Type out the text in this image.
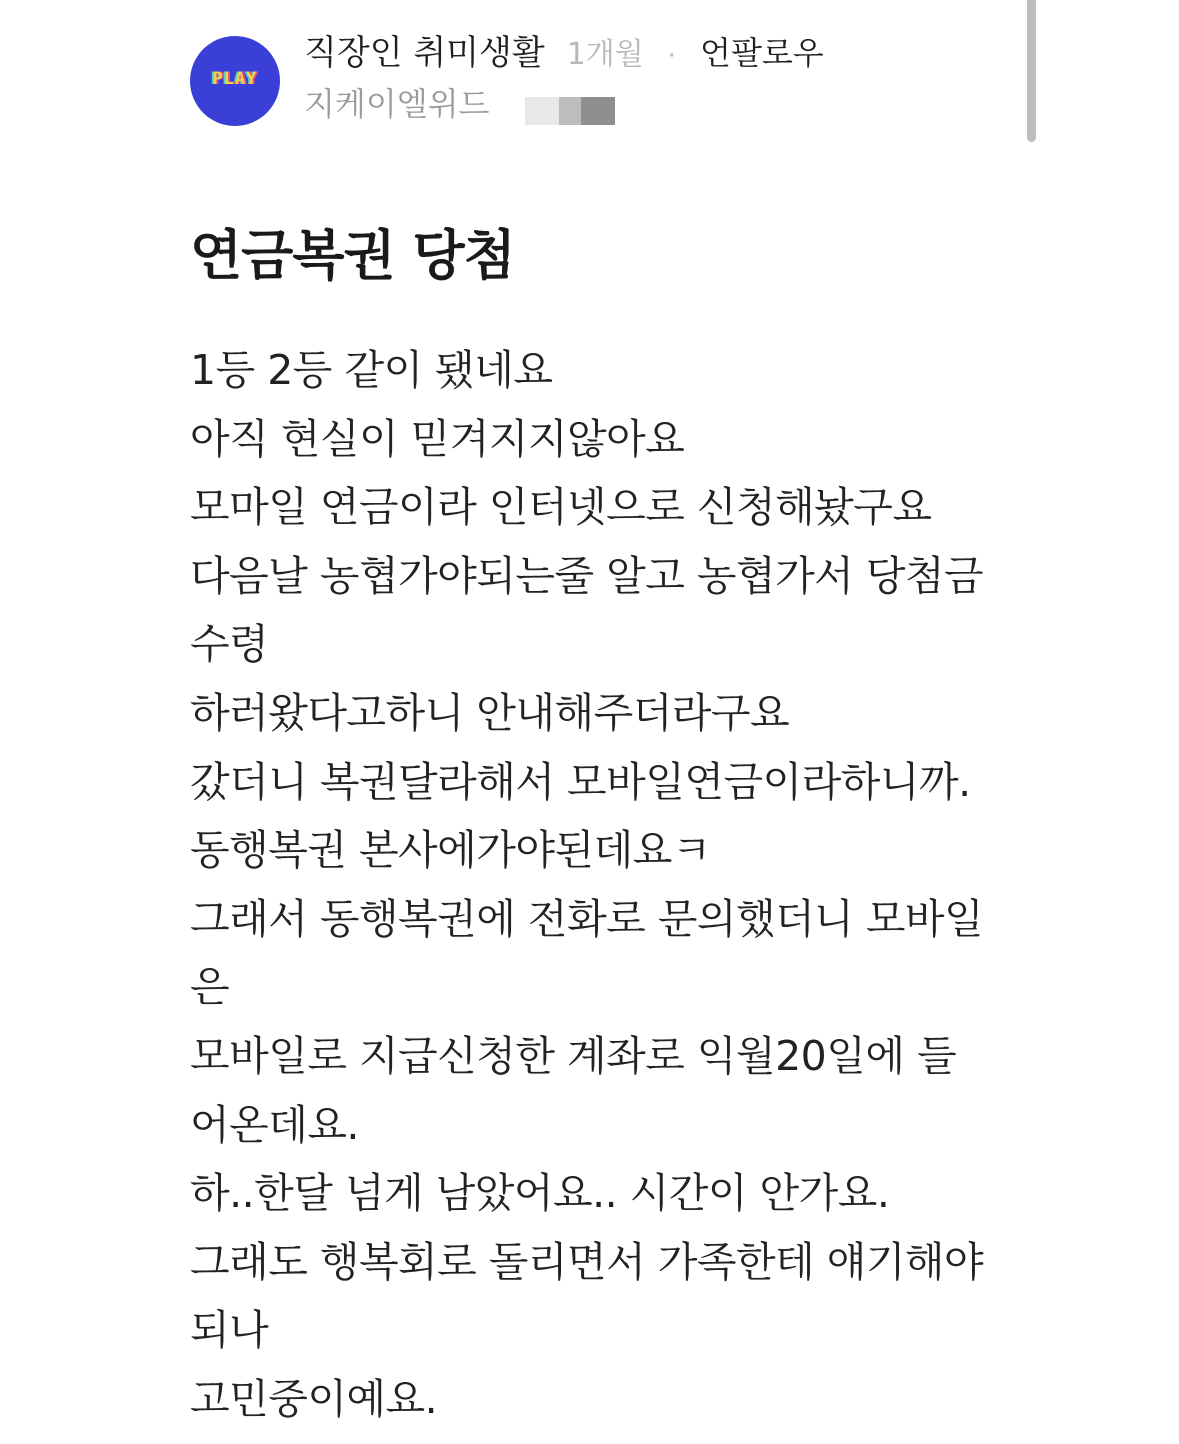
PLAY
직장인 취미생활 1개월 · 언팔로우
지케이엘위드
연금복권 당첨
1등 2등 같이 됐네요
아직 현실이 믿겨지지않아요
모마일 연금이라 인터넷으로 신청해놨구요
다음날 농협가야되는줄 알고 농협가서 당첨금
수령
하러왔다고하니 안내해주더라구요
갔더니 복권달라해서 모바일연금이라하니까.
동행복권 본사에가야된데요ㅋ
그래서 동행복권에 전화로 문의했더니 모바일
은
모바일로 지급신청한 계좌로 익월20일에 들
어온데요.
하..한달 넘게 남았어요.. 시간이 안가요.
그래도 행복회로 돌리면서 가족한테 얘기해야
되나
고민중이예요.
